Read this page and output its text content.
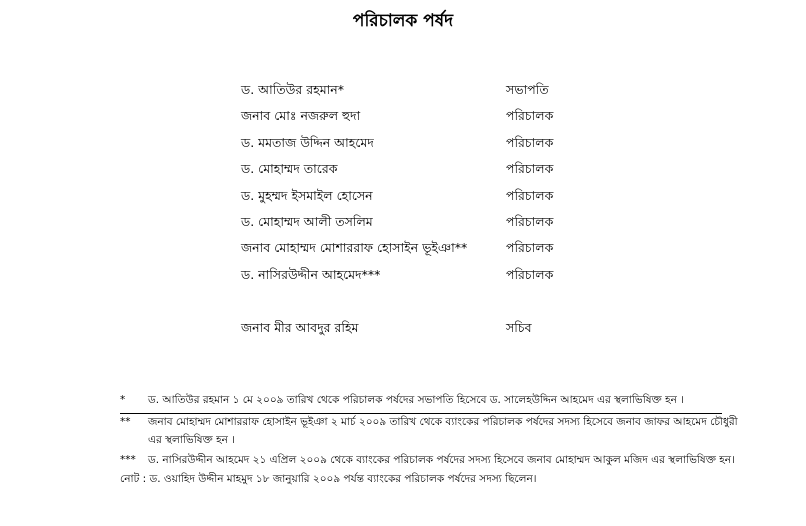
পরিচালক পর্ষদ
ড. আতিউর রহমান*	সভাপতি
জনাব মোঃ নজরুল হুদা	পরিচালক
ড. মমতাজ উদ্দিন আহমেদ	পরিচালক
ড. মোহাম্মদ তারেক	পরিচালক
ড. মুহম্মদ ইসমাইল হোসেন	পরিচালক
ড. মোহাম্মদ আলী তসলিম	পরিচালক
জনাব মোহাম্মদ মোশাররাফ হোসাইন ভূইঞা**	পরিচালক
ড. নাসিরউদ্দীন আহমেদ***	পরিচালক
জনাব মীর আবদুর রহিম	সচিব
* ড. আতিউর রহমান ১ মে ২০০৯ তারিখ থেকে পরিচালক পর্ষদের সভাপতি হিসেবে ড. সালেহউদ্দিন আহমেদ এর স্থলাভিষিক্ত হন ।
** জনাব মোহাম্মদ মোশাররাফ হোসাইন ভূইঞা ২ মার্চ ২০০৯ তারিখ থেকে ব্যাংকের পরিচালক পর্ষদের সদস্য হিসেবে জনাব জাফর আহমেদ চৌধুরী
এর স্থলাভিষিক্ত হন ।
*** ড. নাসিরউদ্দীন আহমেদ ২১ এপ্রিল ২০০৯ থেকে ব্যাংকের পরিচালক পর্ষদের সদস্য হিসেবে জনাব মোহাম্মদ আকুল মজিদ এর স্থলাভিষিক্ত হন।
নোট : ড. ওয়াহিদ উদ্দীন মাহমুদ ১৮ জানুয়ারি ২০০৯ পর্যন্ত ব্যাংকের পরিচালক পর্ষদের সদস্য ছিলেন।
